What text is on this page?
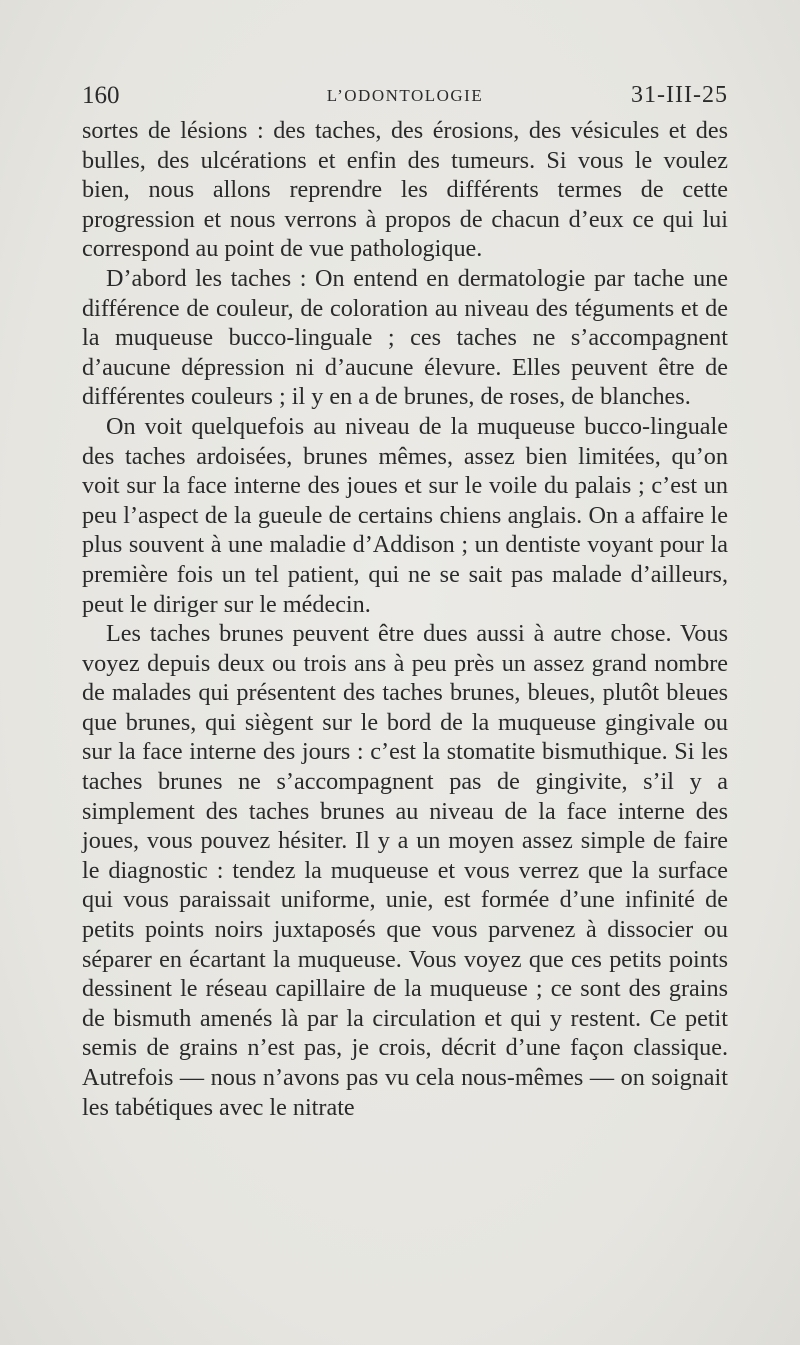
160	L’ODONTOLOGIE	31-III-25

sortes de lésions : des taches, des érosions, des vésicules et des bulles, des ulcérations et enfin des tumeurs. Si vous le voulez bien, nous allons reprendre les différents termes de cette progression et nous verrons à propos de chacun d’eux ce qui lui correspond au point de vue pathologique.

D’abord les taches : On entend en dermatologie par tache une différence de couleur, de coloration au niveau des téguments et de la muqueuse bucco-linguale ; ces taches ne s’accompagnent d’aucune dépression ni d’aucune élevure. Elles peuvent être de différentes couleurs ; il y en a de brunes, de roses, de blanches.

On voit quelquefois au niveau de la muqueuse bucco-linguale des taches ardoisées, brunes mêmes, assez bien limitées, qu’on voit sur la face interne des joues et sur le voile du palais ; c’est un peu l’aspect de la gueule de certains chiens anglais. On a affaire le plus souvent à une maladie d’Addison ; un dentiste voyant pour la première fois un tel patient, qui ne se sait pas malade d’ailleurs, peut le diriger sur le médecin.

Les taches brunes peuvent être dues aussi à autre chose. Vous voyez depuis deux ou trois ans à peu près un assez grand nombre de malades qui présentent des taches brunes, bleues, plutôt bleues que brunes, qui siègent sur le bord de la muqueuse gingivale ou sur la face interne des jours : c’est la stomatite bismuthique. Si les taches brunes ne s’accompagnent pas de gingivite, s’il y a simplement des taches brunes au niveau de la face interne des joues, vous pouvez hésiter. Il y a un moyen assez simple de faire le diagnostic : tendez la muqueuse et vous verrez que la surface qui vous paraissait uniforme, unie, est formée d’une infinité de petits points noirs juxtaposés que vous parvenez à dissocier ou séparer en écartant la muqueuse. Vous voyez que ces petits points dessinent le réseau capillaire de la muqueuse ; ce sont des grains de bismuth amenés là par la circulation et qui y restent. Ce petit semis de grains n’est pas, je crois, décrit d’une façon classique. Autrefois — nous n’avons pas vu cela nous-mêmes — on soignait les tabétiques avec le nitrate
